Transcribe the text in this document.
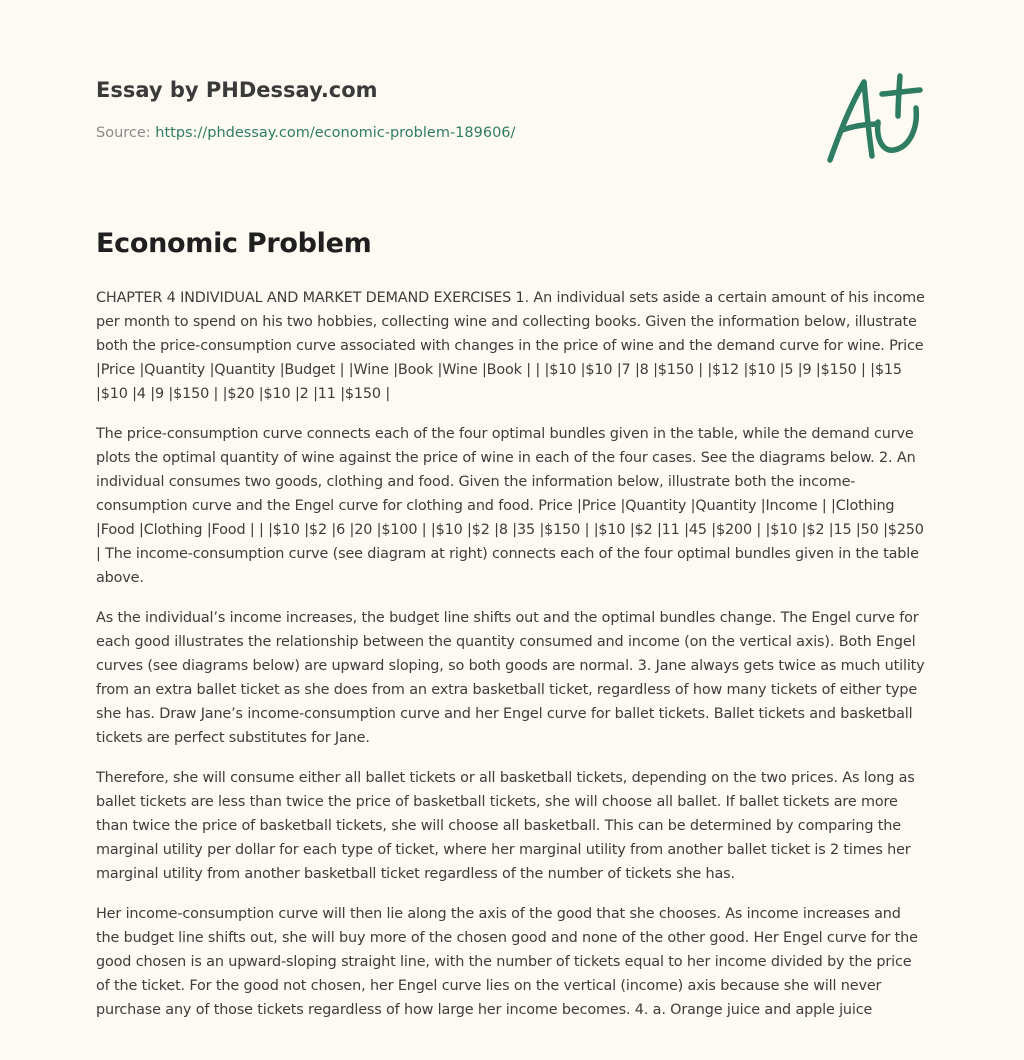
Essay by PHDessay.com
Source: https://phdessay.com/economic-problem-189606/
Economic Problem

CHAPTER 4 INDIVIDUAL AND MARKET DEMAND EXERCISES 1. An individual sets aside a certain amount of his income per month to spend on his two hobbies, collecting wine and collecting books. Given the information below, illustrate both the price-consumption curve associated with changes in the price of wine and the demand curve for wine. Price |Price |Quantity |Quantity |Budget | |Wine |Book |Wine |Book | | |$10 |$10 |7 |8 |$150 | |$12 |$10 |5 |9 |$150 | |$15 |$10 |4 |9 |$150 | |$20 |$10 |2 |11 |$150 |

The price-consumption curve connects each of the four optimal bundles given in the table, while the demand curve plots the optimal quantity of wine against the price of wine in each of the four cases. See the diagrams below. 2. An individual consumes two goods, clothing and food. Given the information below, illustrate both the income-consumption curve and the Engel curve for clothing and food. Price |Price |Quantity |Quantity |Income | |Clothing |Food |Clothing |Food | | |$10 |$2 |6 |20 |$100 | |$10 |$2 |8 |35 |$150 | |$10 |$2 |11 |45 |$200 | |$10 |$2 |15 |50 |$250 | The income-consumption curve (see diagram at right) connects each of the four optimal bundles given in the table above.

As the individual’s income increases, the budget line shifts out and the optimal bundles change. The Engel curve for each good illustrates the relationship between the quantity consumed and income (on the vertical axis). Both Engel curves (see diagrams below) are upward sloping, so both goods are normal. 3. Jane always gets twice as much utility from an extra ballet ticket as she does from an extra basketball ticket, regardless of how many tickets of either type she has. Draw Jane’s income-consumption curve and her Engel curve for ballet tickets. Ballet tickets and basketball tickets are perfect substitutes for Jane.

Therefore, she will consume either all ballet tickets or all basketball tickets, depending on the two prices. As long as ballet tickets are less than twice the price of basketball tickets, she will choose all ballet. If ballet tickets are more than twice the price of basketball tickets, she will choose all basketball. This can be determined by comparing the marginal utility per dollar for each type of ticket, where her marginal utility from another ballet ticket is 2 times her marginal utility from another basketball ticket regardless of the number of tickets she has.

Her income-consumption curve will then lie along the axis of the good that she chooses. As income increases and the budget line shifts out, she will buy more of the chosen good and none of the other good. Her Engel curve for the good chosen is an upward-sloping straight line, with the number of tickets equal to her income divided by the price of the ticket. For the good not chosen, her Engel curve lies on the vertical (income) axis because she will never purchase any of those tickets regardless of how large her income becomes. 4. a. Orange juice and apple juice
